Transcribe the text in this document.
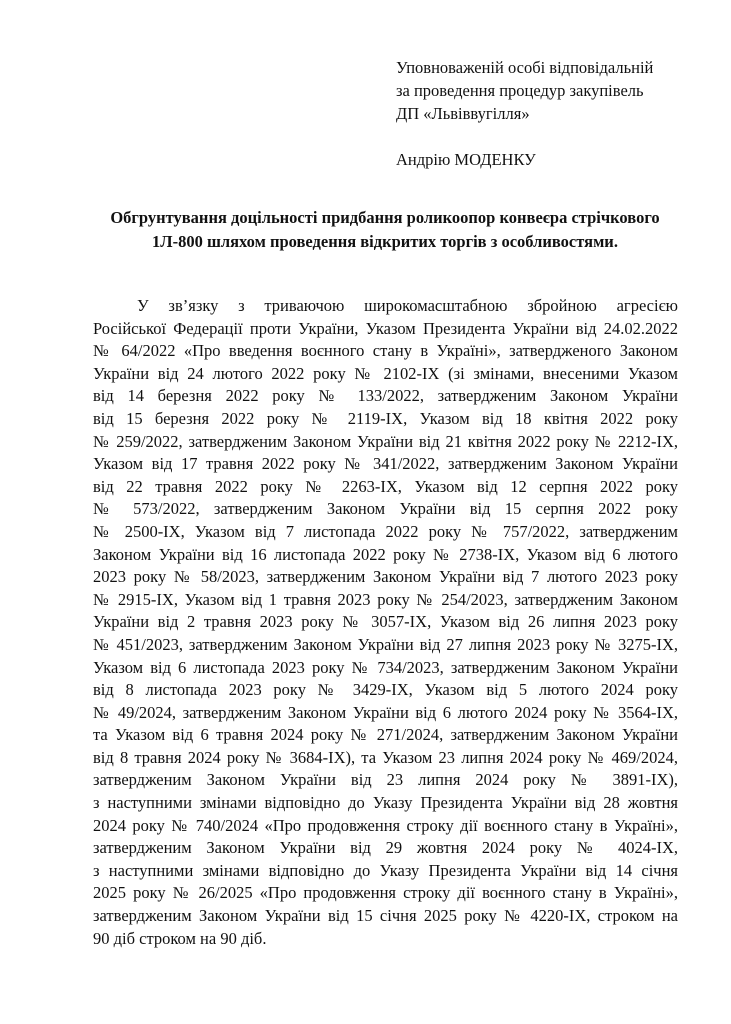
Уповноваженій особі відповідальній
за проведення процедур закупівель
ДП «Львіввугілля»
Андрію МОДЕНКУ
Обгрунтування доцільності придбання роликоопор конвеєра стрічкового
1Л-800 шляхом проведення відкритих торгів з особливостями.
У зв’язку з триваючою широкомасштабною збройною агресією
Російської Федерації проти України, Указом Президента України від 24.02.2022
№ 64/2022 «Про введення воєнного стану в Україні», затвердженого Законом
України від 24 лютого 2022 року № 2102-IX (зі змінами, внесеними Указом
від 14 березня 2022 року № 133/2022, затвердженим Законом України
від 15 березня 2022 року № 2119-IX, Указом від 18 квітня 2022 року
№ 259/2022, затвердженим Законом України від 21 квітня 2022 року № 2212-IX,
Указом від 17 травня 2022 року № 341/2022, затвердженим Законом України
від 22 травня 2022 року № 2263-IX, Указом від 12 серпня 2022 року
№ 573/2022, затвердженим Законом України від 15 серпня 2022 року
№ 2500-IX, Указом від 7 листопада 2022 року № 757/2022, затвердженим
Законом України від 16 листопада 2022 року № 2738-IX, Указом від 6 лютого
2023 року № 58/2023, затвердженим Законом України від 7 лютого 2023 року
№ 2915-IX, Указом від 1 травня 2023 року № 254/2023, затвердженим Законом
України від 2 травня 2023 року № 3057-IX, Указом від 26 липня 2023 року
№ 451/2023, затвердженим Законом України від 27 липня 2023 року № 3275-IX,
Указом від 6 листопада 2023 року № 734/2023, затвердженим Законом України
від 8 листопада 2023 року № 3429-IX, Указом від 5 лютого 2024 року
№ 49/2024, затвердженим Законом України від 6 лютого 2024 року № 3564-IX,
та Указом від 6 травня 2024 року № 271/2024, затвердженим Законом України
від 8 травня 2024 року № 3684-IX), та Указом 23 липня 2024 року № 469/2024,
затвердженим Законом України від 23 липня 2024 року № 3891-IX),
з наступними змінами відповідно до Указу Президента України від 28 жовтня
2024 року № 740/2024 «Про продовження строку дії воєнного стану в Україні»,
затвердженим Законом України від 29 жовтня 2024 року № 4024-IX,
з наступними змінами відповідно до Указу Президента України від 14 січня
2025 року № 26/2025 «Про продовження строку дії воєнного стану в Україні»,
затвердженим Законом України від 15 січня 2025 року № 4220-IX, строком на
90 діб строком на 90 діб.
